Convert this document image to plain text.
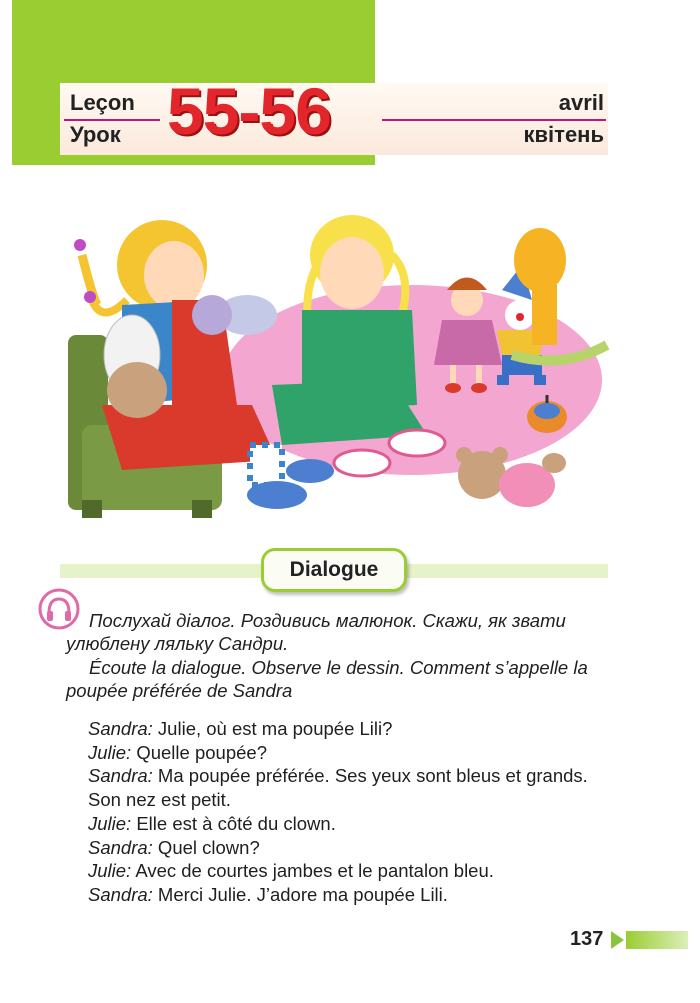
Leçon
Урок 55-56	avril
квітень
Dialogue
Послухай діалог. Роздивись малюнок. Скажи, як звати улюблену ляльку Сандри.
Écoute la dialogue. Observe le dessin. Comment s’appelle la poupée préférée de Sandra
Sandra: Julie, où est ma poupée Lili?
Julie: Quelle poupée?
Sandra: Ma poupée préférée. Ses yeux sont bleus et grands.
Son nez est petit.
Julie: Elle est à côté du clown.
Sandra: Quel clown?
Julie: Avec de courtes jambes et le pantalon bleu.
Sandra: Merci Julie. J’adore ma poupée Lili.
137
